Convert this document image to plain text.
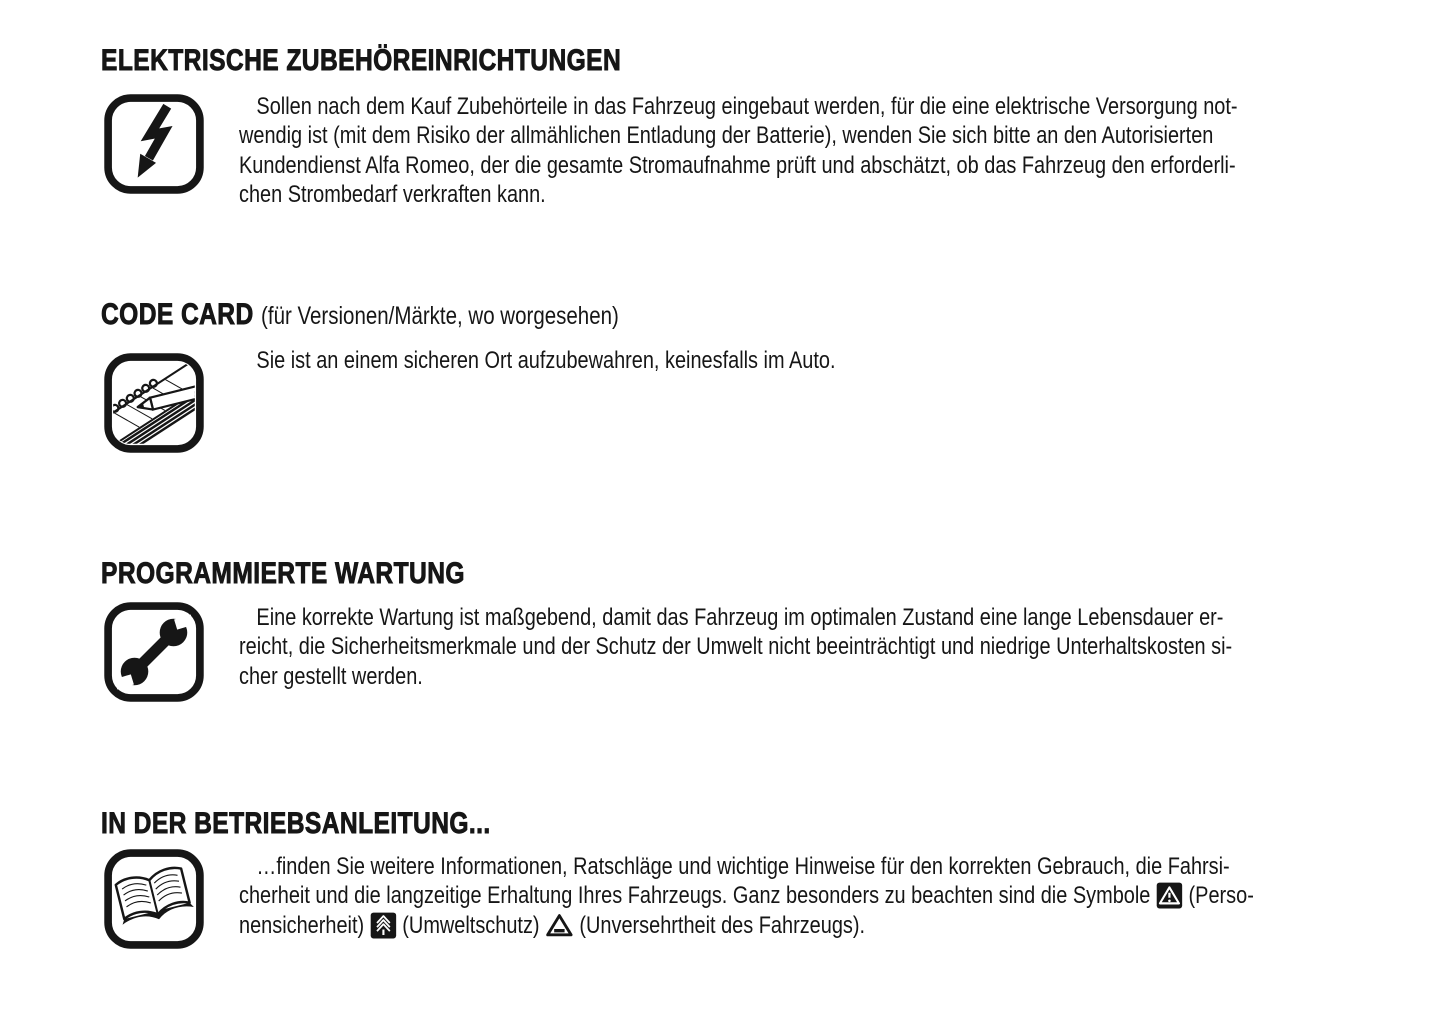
ELEKTRISCHE ZUBEHÖREINRICHTUNGEN
Sollen nach dem Kauf Zubehörteile in das Fahrzeug eingebaut werden, für die eine elektrische Versorgung not-
wendig ist (mit dem Risiko der allmählichen Entladung der Batterie), wenden Sie sich bitte an den Autorisierten
Kundendienst Alfa Romeo, der die gesamte Stromaufnahme prüft und abschätzt, ob das Fahrzeug den erforderli-
chen Strombedarf verkraften kann.
CODE CARD (für Versionen/Märkte, wo worgesehen)
Sie ist an einem sicheren Ort aufzubewahren, keinesfalls im Auto.
PROGRAMMIERTE WARTUNG
Eine korrekte Wartung ist maßgebend, damit das Fahrzeug im optimalen Zustand eine lange Lebensdauer er-
reicht, die Sicherheitsmerkmale und der Schutz der Umwelt nicht beeinträchtigt und niedrige Unterhaltskosten si-
cher gestellt werden.
IN DER BETRIEBSANLEITUNG...
…finden Sie weitere Informationen, Ratschläge und wichtige Hinweise für den korrekten Gebrauch, die Fahrsi-
cherheit und die langzeitige Erhaltung Ihres Fahrzeugs. Ganz besonders zu beachten sind die Symbole (Perso-
nensicherheit) (Umweltschutz) (Unversehrtheit des Fahrzeugs).
